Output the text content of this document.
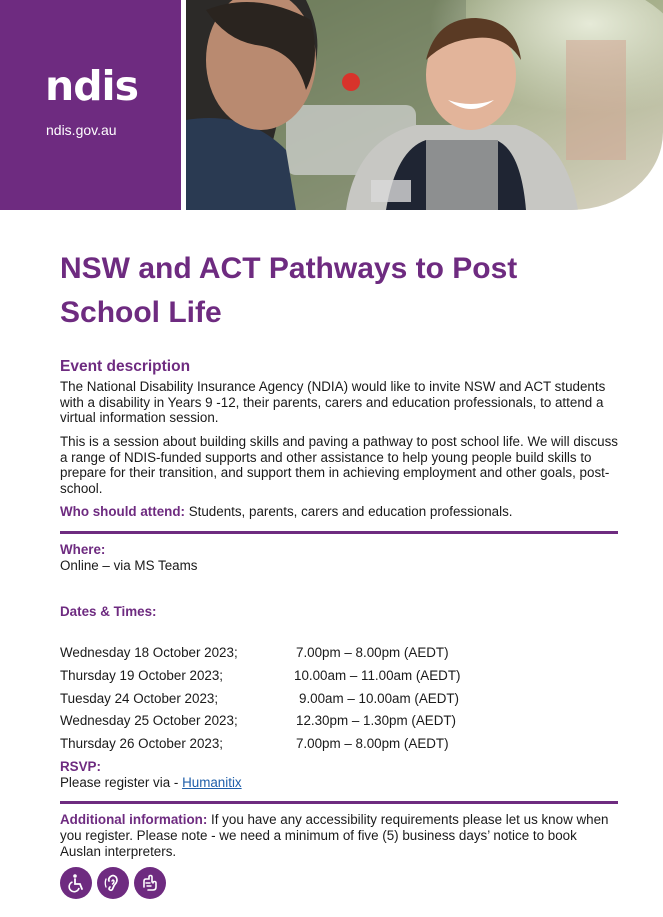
ndis
ndis.gov.au
NSW and ACT Pathways to Post School Life
Event description

The National Disability Insurance Agency (NDIA) would like to invite NSW and ACT students with a disability in Years 9 -12, their parents, carers and education professionals, to attend a virtual information session.

This is a session about building skills and paving a pathway to post school life. We will discuss a range of NDIS-funded supports and other assistance to help young people build skills to prepare for their transition, and support them in achieving employment and other goals, post-school.

Who should attend: Students, parents, carers and education professionals.

Where:

Online – via MS Teams

Dates & Times:

Wednesday 18 October 2023;	7.00pm – 8.00pm (AEDT)
Thursday 19 October 2023;	10.00am – 11.00am (AEDT)
Tuesday 24 October 2023;	9.00am – 10.00am (AEDT)
Wednesday 25 October 2023;	12.30pm – 1.30pm (AEDT)
Thursday 26 October 2023;	7.00pm – 8.00pm (AEDT)

RSVP:

Please register via - Humanitix

Additional information: If you have any accessibility requirements please let us know when you register. Please note - we need a minimum of five (5) business days’ notice to book Auslan interpreters.
